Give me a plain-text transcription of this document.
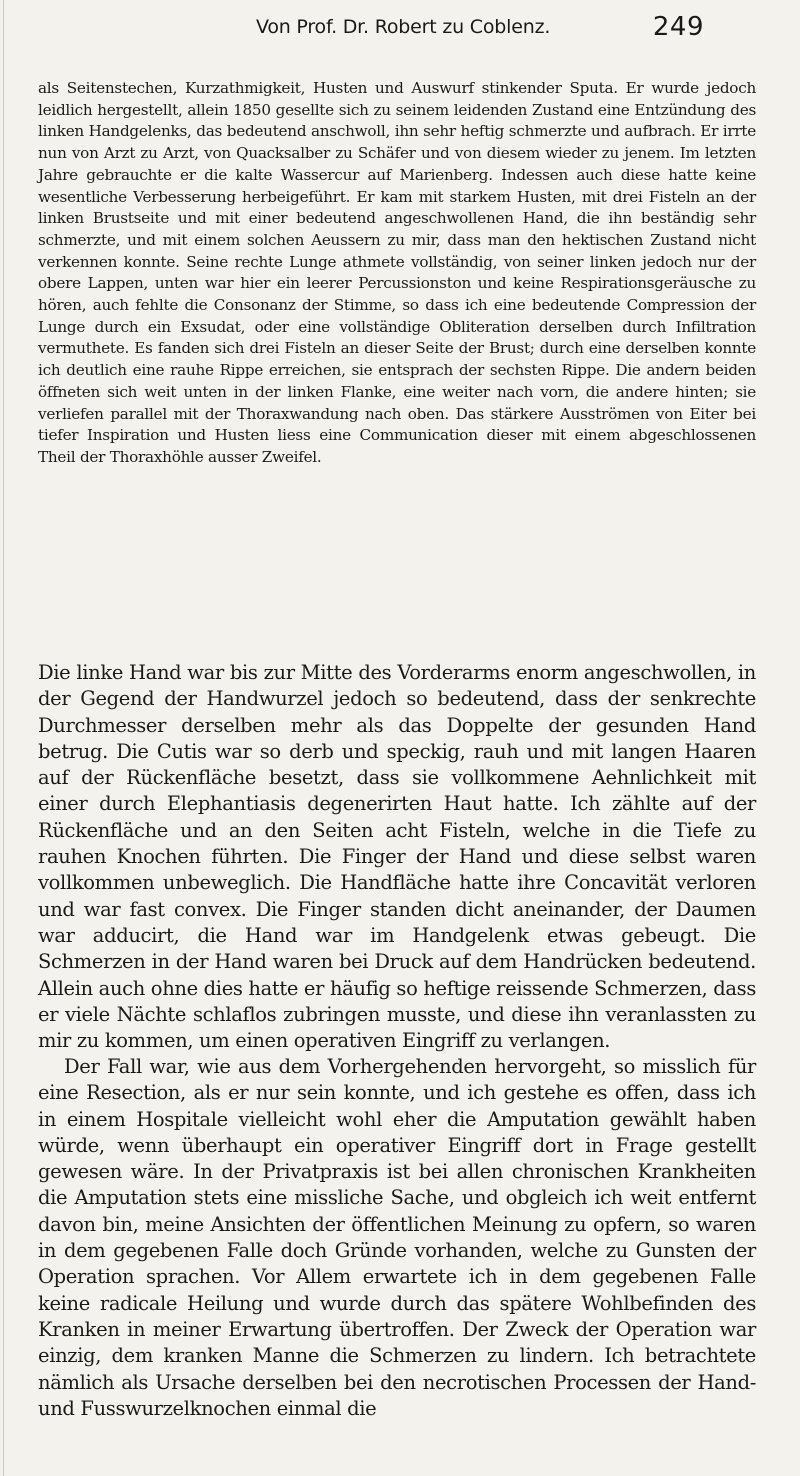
Von Prof. Dr. Robert zu Coblenz.	249

als Seitenstechen, Kurzathmigkeit, Husten und Auswurf stinkender Sputa. Er wurde jedoch leidlich hergestellt, allein 1850 gesellte sich zu seinem leidenden Zustand eine Entzündung des linken Handgelenks, das bedeutend anschwoll, ihn sehr heftig schmerzte und aufbrach. Er irrte nun von Arzt zu Arzt, von Quacksalber zu Schäfer und von diesem wieder zu jenem. Im letzten Jahre gebrauchte er die kalte Wassercur auf Marienberg. Indessen auch diese hatte keine wesentliche Verbesserung herbeigeführt. Er kam mit starkem Husten, mit drei Fisteln an der linken Brustseite und mit einer bedeutend angeschwollenen Hand, die ihn beständig sehr schmerzte, und mit einem solchen Aeussern zu mir, dass man den hektischen Zustand nicht verkennen konnte. Seine rechte Lunge athmete vollständig, von seiner linken jedoch nur der obere Lappen, unten war hier ein leerer Percussionston und keine Respirationsgeräusche zu hören, auch fehlte die Consonanz der Stimme, so dass ich eine bedeutende Compression der Lunge durch ein Exsudat, oder eine vollständige Obliteration derselben durch Infiltration vermuthete. Es fanden sich drei Fisteln an dieser Seite der Brust; durch eine derselben konnte ich deutlich eine rauhe Rippe erreichen, sie entsprach der sechsten Rippe. Die andern beiden öffneten sich weit unten in der linken Flanke, eine weiter nach vorn, die andere hinten; sie verliefen parallel mit der Thoraxwandung nach oben. Das stärkere Ausströmen von Eiter bei tiefer Inspiration und Husten liess eine Communication dieser mit einem abgeschlossenen Theil der Thoraxhöhle ausser Zweifel.

Die linke Hand war bis zur Mitte des Vorderarms enorm angeschwollen, in der Gegend der Handwurzel jedoch so bedeutend, dass der senkrechte Durchmesser derselben mehr als das Doppelte der gesunden Hand betrug. Die Cutis war so derb und speckig, rauh und mit langen Haaren auf der Rückenfläche besetzt, dass sie vollkommene Aehnlichkeit mit einer durch Elephantiasis degenerirten Haut hatte. Ich zählte auf der Rückenfläche und an den Seiten acht Fisteln, welche in die Tiefe zu rauhen Knochen führten. Die Finger der Hand und diese selbst waren vollkommen unbeweglich. Die Handfläche hatte ihre Concavität verloren und war fast convex. Die Finger standen dicht aneinander, der Daumen war adducirt, die Hand war im Handgelenk etwas gebeugt. Die Schmerzen in der Hand waren bei Druck auf dem Handrücken bedeutend. Allein auch ohne dies hatte er häufig so heftige reissende Schmerzen, dass er viele Nächte schlaflos zubringen musste, und diese ihn veranlassten zu mir zu kommen, um einen operativen Eingriff zu verlangen.

Der Fall war, wie aus dem Vorhergehenden hervorgeht, so misslich für eine Resection, als er nur sein konnte, und ich gestehe es offen, dass ich in einem Hospitale vielleicht wohl eher die Amputation gewählt haben würde, wenn überhaupt ein operativer Eingriff dort in Frage gestellt gewesen wäre. In der Privatpraxis ist bei allen chronischen Krankheiten die Amputation stets eine missliche Sache, und obgleich ich weit entfernt davon bin, meine Ansichten der öffentlichen Meinung zu opfern, so waren in dem gegebenen Falle doch Gründe vorhanden, welche zu Gunsten der Operation sprachen. Vor Allem erwartete ich in dem gegebenen Falle keine radicale Heilung und wurde durch das spätere Wohlbefinden des Kranken in meiner Erwartung übertroffen. Der Zweck der Operation war einzig, dem kranken Manne die Schmerzen zu lindern. Ich betrachtete nämlich als Ursache derselben bei den necrotischen Processen der Hand- und Fusswurzelknochen einmal die
